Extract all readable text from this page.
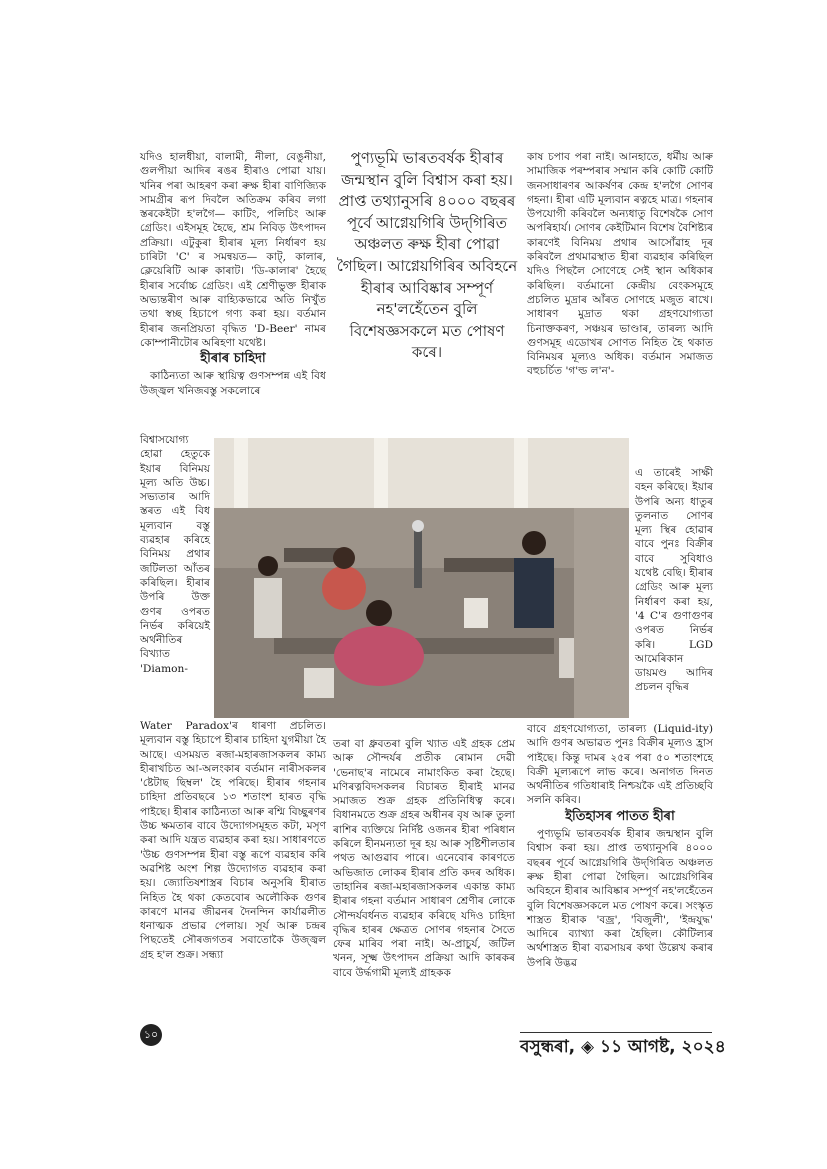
যদিও হালধীয়া, বালামী, নীলা, বেঙুনীয়া, গুলপীয়া আদিৰ ৰঙৰ হীৰাও পোৱা যায়। খনিৰ পৰা আহৰণ কৰা ৰুক্ষ হীৰা বাণিজ্যিক সামগ্ৰীৰ ৰূপ দিবলৈ অতিক্ৰম কৰিব লগা স্তৰকেইটা হ'লগৈ— কাটিং, পলিচিং আৰু গ্ৰেডিং। এইসমূহ হৈছে, শ্ৰম নিবিড় উৎপাদন প্ৰক্ৰিয়া। এটুকুৰা হীৰাৰ মূল্য নিৰ্ধাৰণ হয় চাৰিটা 'C' ৰ সমন্বয়ত— কাট্‌, কালাৰ, ক্লেয়েৰিটি আৰু কাৰাট। 'ডি-কালাৰ' হৈছে হীৰাৰ সৰ্বোচ্চ গ্ৰেডিং। এই শ্ৰেণীভুক্ত হীৰাক অভ্যন্তৰীণ আৰু বাহ্যিকভাৱে অতি নিখুঁত তথা স্বচ্ছ হিচাপে গণ্য কৰা হয়। বৰ্তমান হীৰাৰ জনপ্ৰিয়তা বৃদ্ধিত 'D-Beer' নামৰ কোম্পানীটোৰ অৰিহণা যথেষ্ট।

হীৰাৰ চাহিদা

কাঠিন্যতা আৰু স্থায়িত্ব গুণসম্পন্ন এই বিধ উজ্জ্বল খনিজবস্তু সকলোৰে

বিশ্বাসযোগ্য হোৱা হেতুকে ইয়াৰ বিনিময় মূল্য অতি উচ্চ। সভ্যতাৰ আদি স্তৰত এই বিধ মূল্যবান বস্তু ব্যৱহাৰ কৰিহে বিনিময় প্ৰথাৰ জটিলতা আঁতৰ কৰিছিল। হীৰাৰ উপৰি উক্ত গুণৰ ওপৰত নিৰ্ভৰ কৰিয়েই অৰ্থনীতিৰ বিখ্যাত 'Diamon-
Water Paradox'ৰ ধাৰণা প্ৰচলিত। মূল্যবান বস্তু হিচাপে হীৰাৰ চাহিদা যুগমীয়া হৈ আছে। এসময়ত ৰজা-মহাৰজাসকলৰ কাম্য হীৰাখচিত আ-অলংকাৰ বৰ্তমান নাৰীসকলৰ 'ষ্টেটাছ ছিম্বল' হৈ পৰিছে। হীৰাৰ গহনাৰ চাহিদা প্ৰতিবছৰে ১৩ শতাংশ হাৰত বৃদ্ধি পাইছে। হীৰাৰ কাঠিন্যতা আৰু ৰশ্মি বিচ্ছুৰণৰ উচ্চ ক্ষমতাৰ বাবে উদ্যোগসমূহত কটা, মসৃণ কৰা আদি যন্ত্ৰত ব্যৱহাৰ কৰা হয়। সাধাৰণতে 'উচ্চ গুণসম্পন্ন হীৰা বস্তু ৰূপে ব্যৱহাৰ কৰি অৱশিষ্ট অংশ শিল্প উদ্যোগত ব্যৱহাৰ কৰা হয়। জ্যোতিষশাস্ত্ৰৰ বিচাৰ অনুসৰি হীৰাত নিহিত হৈ থকা কেতবোৰ অলৌকিক গুণৰ কাৰণে মানৱ জীৱনৰ দৈনন্দিন কাৰ্যাৱলীত ধনাত্মক প্ৰভাৱ পেলায়। সূৰ্য আৰু চন্দ্ৰৰ পিছতেই সৌৰজগতৰ সবাতোকৈ উজ্জ্বল গ্ৰহ হ'ল শুক্ৰ। সন্ধ্যা
পুণ্যভূমি ভাৰতবৰ্ষক হীৰাৰ জন্মস্থান বুলি বিশ্বাস কৰা হয়। প্ৰাপ্ত তথ্যানুসৰি ৪০০০ বছৰৰ পূৰ্বে আগ্নেয়গিৰি উদ্‌গিৰিত অঞ্চলত ৰুক্ষ হীৰা পোৱা গৈছিল। আগ্নেয়গিৰিৰ অবিহনে হীৰাৰ আবিষ্কাৰ সম্পূৰ্ণ নহ'লহেঁতেন বুলি বিশেষজ্ঞসকলে মত পোষণ কৰে।
তৰা বা ধ্ৰুবতৰা বুলি খ্যাত এই গ্ৰহক প্ৰেম আৰু সৌন্দৰ্যৰ প্ৰতীক ৰোমান দেৱী 'ভেনাছ'ৰ নামেৰে নামাংকিত কৰা হৈছে। মণিৰত্নবিদসকলৰ বিচাৰত হীৰাই মানৱ সমাজত শুক্ৰ গ্ৰহক প্ৰতিনিধিত্ব কৰে। বিধানমতে শুক্ৰ গ্ৰহৰ অধীনৰ বৃষ আৰু তুলা ৰাশিৰ ব্যক্তিয়ে নিৰ্দিষ্ট ওজনৰ হীৰা পৰিধান কৰিলে হীনমন্যতা দূৰ হয় আৰু সৃষ্টিশীলতাৰ পথত আগুৱাব পাৰে। এনেবোৰ কাৰণতে অভিজাত লোকৰ হীৰাৰ প্ৰতি কদৰ অধিক। তাহানিৰ ৰজা-মহাৰজাসকলৰ একান্ত কাম্য হীৰাৰ গহনা বৰ্তমান সাধাৰণ শ্ৰেণীৰ লোকে সৌন্দৰ্যবৰ্ধনত ব্যৱহাৰ কৰিছে যদিও চাহিদা বৃদ্ধিৰ হাৰৰ ক্ষেত্ৰত সোণৰ গহনাৰ সৈতে ফেৰ মাৰিব পৰা নাই। অ-প্ৰাচুৰ্য, জটিল খনন, সূক্ষ্ম উৎপাদন প্ৰক্ৰিয়া আদি কাৰকৰ বাবে উৰ্দ্ধগামী মূল্যই গ্ৰাহকক

কাষ চপাব পৰা নাই। আনহাতে, ধৰ্মীয় আৰু সামাজিক পৰম্পৰাৰ সম্মান কৰি কোটি কোটি জনসাধাৰণৰ আকৰ্ষণৰ কেন্দ্ৰ হ'লগৈ সোণৰ গহনা। হীৰা এটি মূল্যবান ৰত্নহে মাত্ৰ। গহনাৰ উপযোগী কৰিবলৈ অন্যধাতু বিশেষকৈ সোণ অপৰিহাৰ্য। সোণৰ কেইটিমান বিশেষ বৈশিষ্ট্যৰ কাৰণেই বিনিময় প্ৰথাৰ আসোঁৱাহ দূৰ কৰিবলৈ প্ৰথমাৱস্থাত হীৰা ব্যৱহাৰ কৰিছিল যদিও পিছলৈ সোণেহে সেই স্থান অধিকাৰ কৰিছিল। বৰ্তমানো কেন্দ্ৰীয় বেংকসমূহে প্ৰচলিত মুদ্ৰাৰ আঁৰত সোণহে মজুত ৰাখে। সাধাৰণ মুদ্ৰাত থকা গ্ৰহণযোগ্যতা চিনাক্তকৰণ, সঞ্চয়ৰ ভাণ্ডাৰ, তাৰল্য আদি গুণসমূহ এডোখৰ সোণত নিহিত হৈ থকাত বিনিময়ৰ মূল্যও অধিক। বৰ্তমান সমাজত বহুচৰ্চিত 'গ'ল্ড ল'ন'-

এ তাৰেই সাক্ষী বহন কৰিছে। ইয়াৰ উপৰি অন্য ধাতুৰ তুলনাত সোণৰ মূল্য স্থিৰ হোৱাৰ বাবে পুনঃ বিক্ৰীৰ বাবে সুবিধাও যথেষ্ট বেছি। হীৰাৰ গ্ৰেডিং আৰু মূল্য নিৰ্ধাৰণ কৰা হয়, '4 C'ৰ গুণাগুণৰ ওপৰত নিৰ্ভৰ কৰি। LGD আমেৰিকান ডায়মণ্ড আদিৰ প্ৰচলন বৃদ্ধিৰ

বাবে গ্ৰহণযোগ্যতা, তাৰল্য (Liquid-ity) আদি গুণৰ অভাৱত পুনঃ বিক্ৰীৰ মূল্যও হ্ৰাস পাইছে। কিন্তু দামৰ ২৫ৰ পৰা ৫০ শতাংশহে বিক্ৰী মূল্যৰূপে লাভ কৰে। অনাগত দিনত অৰ্থনীতিৰ গতিধাৰাই নিশ্চয়কৈ এই প্ৰতিচ্ছবি সলনি কৰিব।

ইতিহাসৰ পাতত হীৰা

পুণ্যভূমি ভাৰতবৰ্ষক হীৰাৰ জন্মস্থান বুলি বিশ্বাস কৰা হয়। প্ৰাপ্ত তথ্যানুসৰি ৪০০০ বছৰৰ পূৰ্বে আগ্নেয়গিৰি উদ্‌গিৰিত অঞ্চলত ৰুক্ষ হীৰা পোৱা গৈছিল। আগ্নেয়গিৰিৰ অবিহনে হীৰাৰ আবিষ্কাৰ সম্পূৰ্ণ নহ'লহেঁতেন বুলি বিশেষজ্ঞসকলে মত পোষণ কৰে। সংস্কৃত শাস্ত্ৰত হীৰাক 'বজ্ৰ', 'বিজুলী', 'ইন্দ্ৰযুদ্ধ' আদিৰে ব্যাখ্যা কৰা হৈছিল। কৌটিল্যৰ অৰ্থশাস্ত্ৰত হীৰা ব্যৱসায়ৰ কথা উল্লেখ কৰাৰ উপৰি উদ্ভৱ

১০
বসুন্ধৰা, ◈ ১১ আগষ্ট, ২০২৪
